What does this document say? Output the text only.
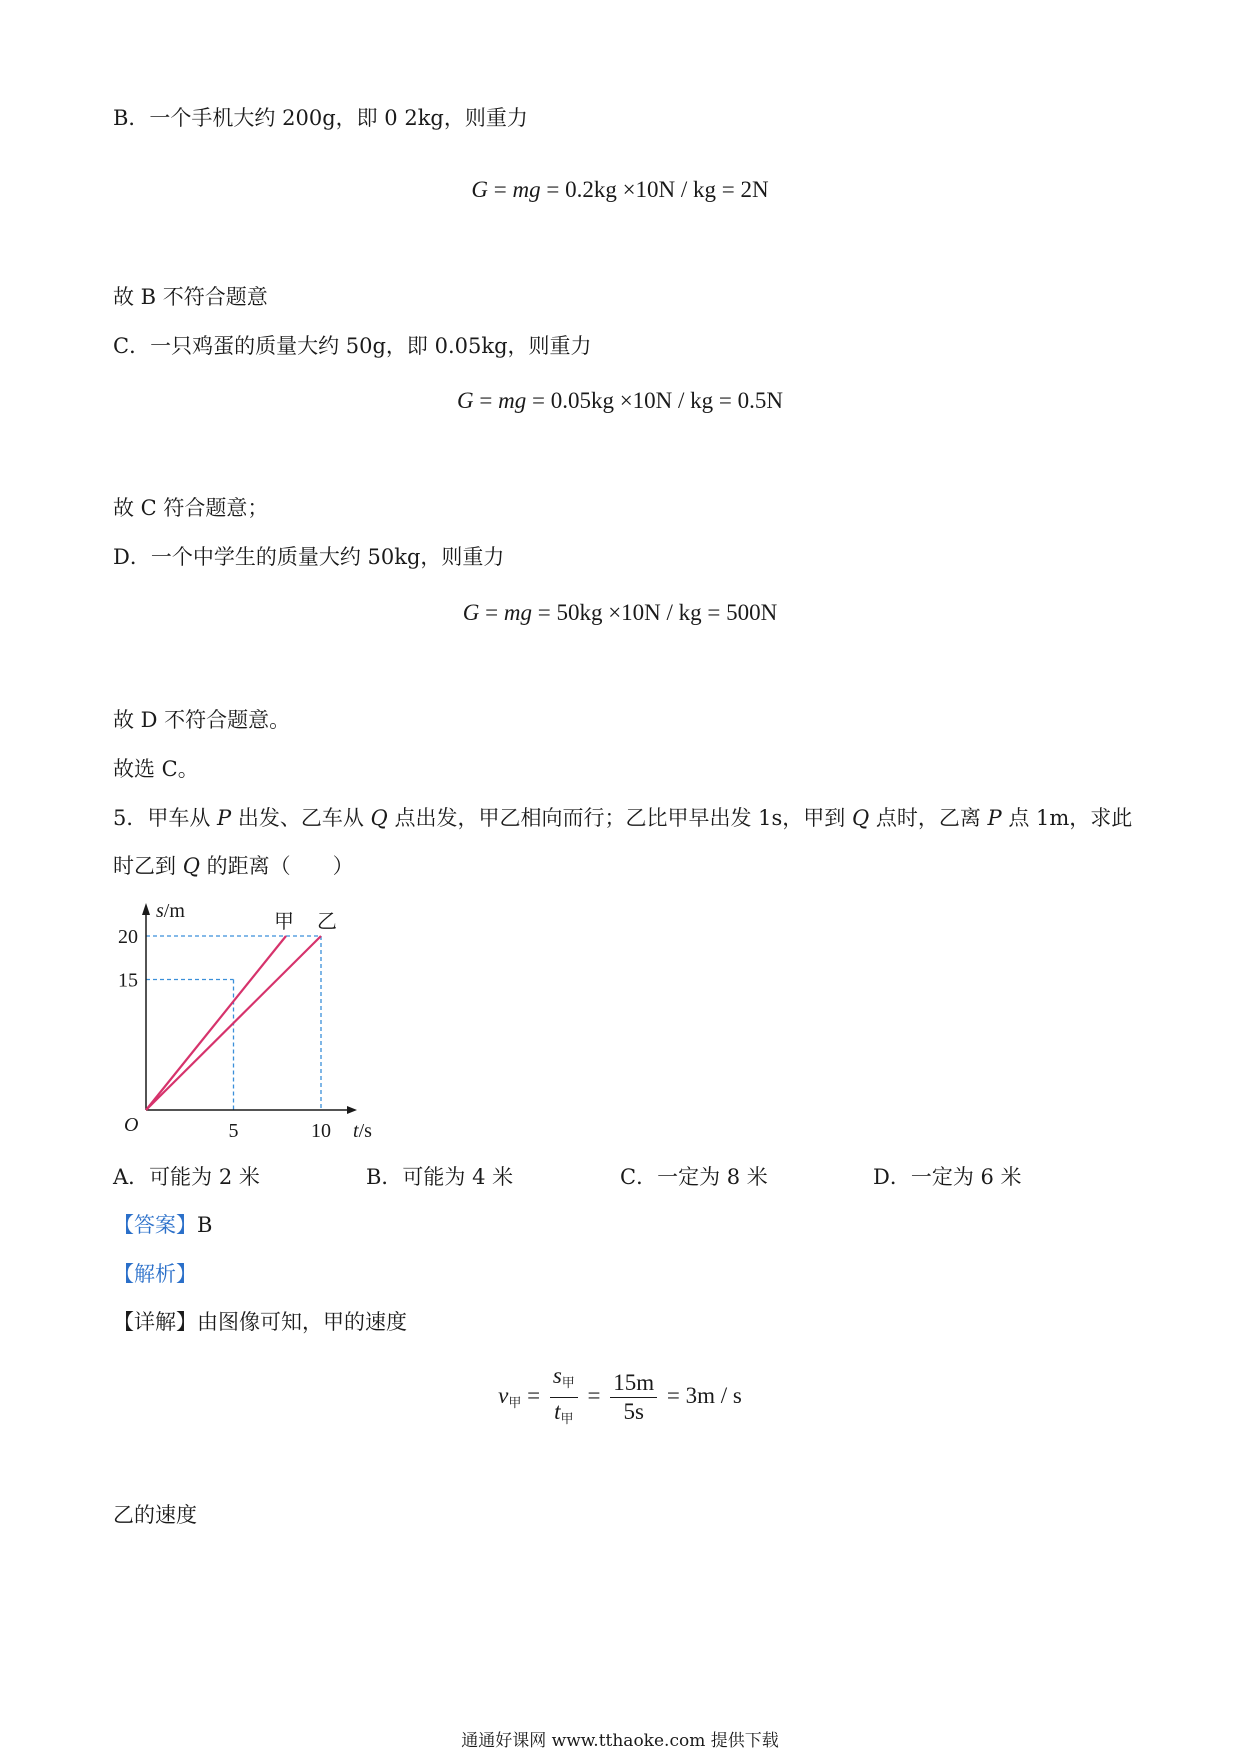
B．一个手机大约 200g，即 0 2kg，则重力
G = mg = 0.2kg ×10N / kg = 2N
故 B 不符合题意
C．一只鸡蛋的质量大约 50g，即 0.05kg，则重力
G = mg = 0.05kg ×10N / kg = 0.5N
故 C 符合题意；
D．一个中学生的质量大约 50kg，则重力
G = mg = 50kg ×10N / kg = 500N
故 D 不符合题意。
故选 C。
5．甲车从 P 出发、乙车从 Q 点出发，甲乙相向而行；乙比甲早出发 1s，甲到 Q 点时，乙离 P 点 1m，求此
时乙到 Q 的距离（　　）
甲 乙
5	10
15
20
O	t/s
s/m
A．可能为 2 米	B．可能为 4 米	C．一定为 8 米	D．一定为 6 米
【答案】B
【解析】
【详解】由图像可知，甲的速度
$v_甲 = \frac{s_甲}{t_甲} = \frac{15m}{5s} = 3m / s$
乙的速度
通通好课网 www.tthaoke.com 提供下载
